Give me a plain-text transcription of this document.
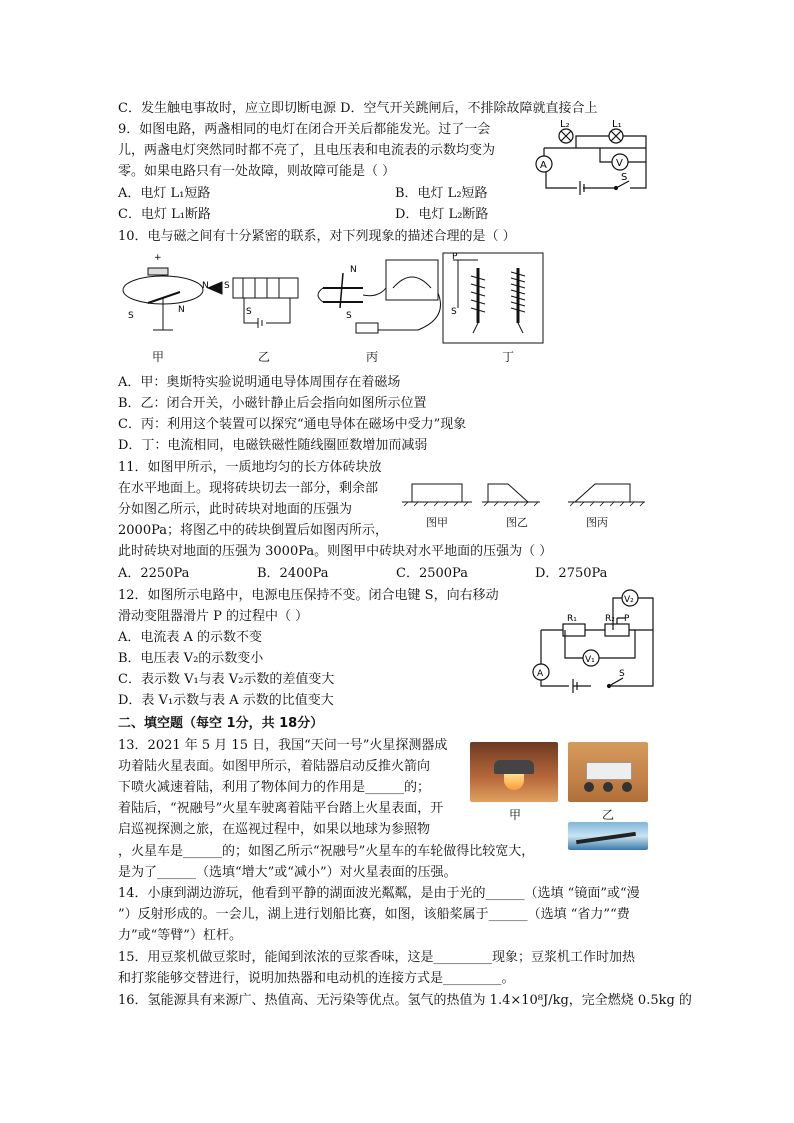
C．发生触电事故时，应立即切断电源 D．空气开关跳闸后，不排除故障就直接合上
9．如图电路，两盏相同的电灯在闭合开关后都能发光。过了一会
儿，两盏电灯突然同时都不亮了，且电压表和电流表的示数均变为
零。如果电路只有一处故障，则故障可能是（ ）
A．电灯 L₁短路	B．电灯 L₂短路
C．电灯 L₁断路	D．电灯 L₂断路
10．电与磁之间有十分紧密的联系，对下列现象的描述合理的是（ ）
A．甲：奥斯特实验说明通电导体周围存在着磁场
B．乙：闭合开关，小磁针静止后会指向如图所示位置
C．丙：利用这个装置可以探究“通电导体在磁场中受力”现象
D．丁：电流相同，电磁铁磁性随线圈匝数增加而减弱
11．如图甲所示，一质地均匀的长方体砖块放
在水平地面上。现将砖块切去一部分，剩余部
分如图乙所示，此时砖块对地面的压强为
2000Pa；将图乙中的砖块倒置后如图丙所示，
此时砖块对地面的压强为 3000Pa。则图甲中砖块对水平地面的压强为（ ）
A．2250Pa	B．2400Pa	C．2500Pa	D．2750Pa
12．如图所示电路中，电源电压保持不变。闭合电键 S，向右移动
滑动变阻器滑片 P 的过程中（ ）
A．电流表 A 的示数不变
B．电压表 V₂的示数变小
C．表示数 V₁与表 V₂示数的差值变大
D．表 V₁示数与表 A 示数的比值变大
二、填空题（每空 1分，共 18分）
13．2021 年 5 月 15 日，我国“天问一号”火星探测器成
功着陆火星表面。如图甲所示，着陆器启动反推火箭向
下喷火减速着陆，利用了物体间力的作用是______的；
着陆后，“祝融号”火星车驶离着陆平台踏上火星表面，开
启巡视探测之旅，在巡视过程中，如果以地球为参照物
，火星车是______的；如图乙所示“祝融号”火星车的车轮做得比较宽大，
是为了______（选填“增大”或“减小”）对火星表面的压强。
14．小康到湖边游玩，他看到平静的湖面波光粼粼，是由于光的______（选填 “镜面”或“漫
”）反射形成的。一会儿，湖上进行划船比赛，如图，该船桨属于______（选填 “省力”“费
力”或“等臂”）杠杆。
15．用豆浆机做豆浆时，能闻到浓浓的豆浆香味，这是_________现象；豆浆机工作时加热
和打浆能够交替进行，说明加热器和电动机的连接方式是_________。
16．氢能源具有来源广、热值高、无污染等优点。氢气的热值为 1.4×10⁸J/kg，完全燃烧 0.5kg 的
L₂	L₁
V
A
S
+
S
N
N S
S
N
S
P
S
甲	乙	丙	丁
图甲	图乙	图丙
V₂
R₁	R₂ P
V₁
A	S
甲	乙
